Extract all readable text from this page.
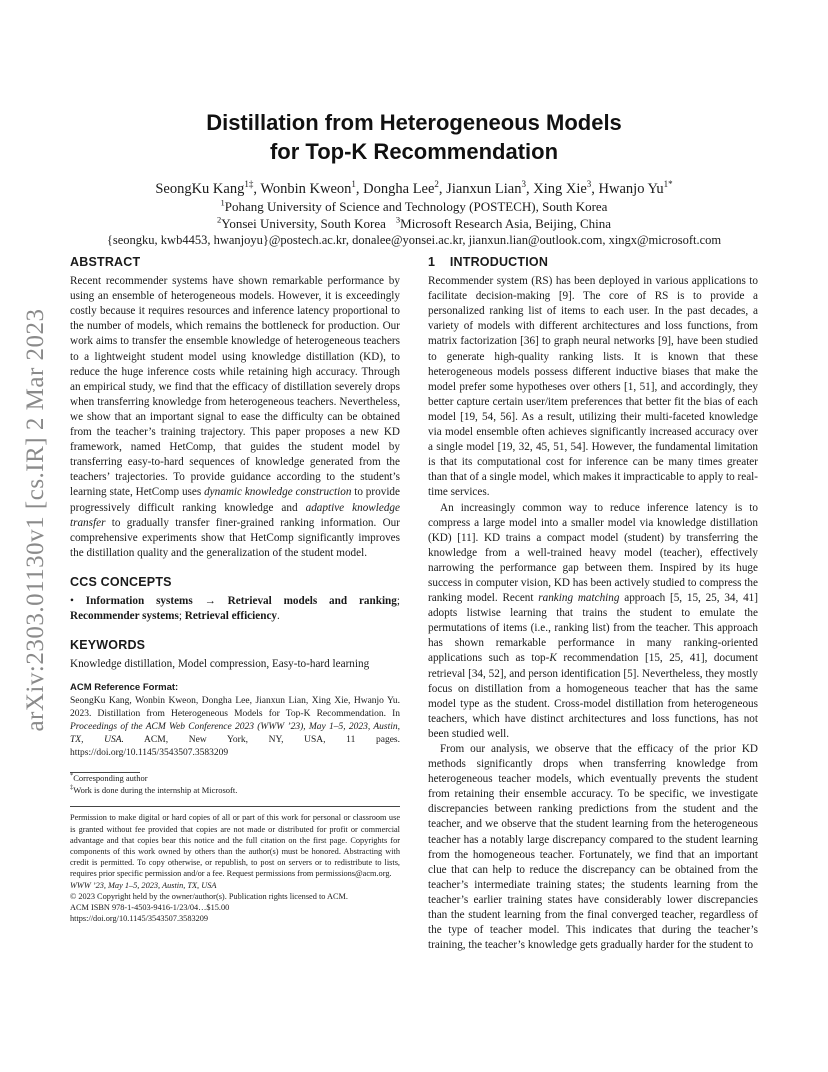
arXiv:2303.01130v1 [cs.IR] 2 Mar 2023
Distillation from Heterogeneous Models
for Top-K Recommendation
SeongKu Kang$^{1\ddagger}$, Wonbin Kweon$^1$, Dongha Lee$^2$, Jianxun Lian$^3$, Xing Xie$^3$, Hwanjo $Yu^{1*}$
$^1$Pohang University of Science and Technology (POSTECH), South Korea
$^2$Yonsei University, South Korea $^3$Microsoft Research Asia, Beijing, China
{seongku, kwb4453, hwanjoyu}@postech.ac.kr, donalee@yonsei.ac.kr, jianxun.lian@outlook.com, xingx@microsoft.com
ABSTRACT

Recent recommender systems have shown remarkable performance by using an ensemble of heterogeneous models. However, it is exceedingly costly because it requires resources and inference latency proportional to the number of models, which remains the bottleneck for production. Our work aims to transfer the ensemble knowledge of heterogeneous teachers to a lightweight student model using knowledge distillation (KD), to reduce the huge inference costs while retaining high accuracy. Through an empirical study, we find that the efficacy of distillation severely drops when transferring knowledge from heterogeneous teachers. Nevertheless, we show that an important signal to ease the difficulty can be obtained from the teacher’s training trajectory. This paper proposes a new KD framework, named HetComp, that guides the student model by transferring easy-to-hard sequences of knowledge generated from the teachers’ trajectories. To provide guidance according to the student’s learning state, HetComp uses dynamic knowledge construction to provide progressively difficult ranking knowledge and adaptive knowledge transfer to gradually transfer finer-grained ranking information. Our comprehensive experiments show that HetComp significantly improves the distillation quality and the generalization of the student model.

CCS CONCEPTS

• Information systems → Retrieval models and ranking; Recommender systems; Retrieval efficiency.

KEYWORDS

Knowledge distillation, Model compression, Easy-to-hard learning

ACM Reference Format:
SeongKu Kang, Wonbin Kweon, Dongha Lee, Jianxun Lian, Xing Xie, Hwanjo Yu. 2023. Distillation from Heterogeneous Models for Top-K Recommendation. In Proceedings of the ACM Web Conference 2023 (WWW ’23), May 1–5, 2023, Austin, TX, USA. ACM, New York, NY, USA, 11 pages. https://doi.org/10.1145/3543507.3583209
*Corresponding author
‡Work is done during the internship at Microsoft.
Permission to make digital or hard copies of all or part of this work for personal or classroom use is granted without fee provided that copies are not made or distributed for profit or commercial advantage and that copies bear this notice and the full citation on the first page. Copyrights for components of this work owned by others than the author(s) must be honored. Abstracting with credit is permitted. To copy otherwise, or republish, to post on servers or to redistribute to lists, requires prior specific permission and/or a fee. Request permissions from permissions@acm.org.
WWW ’23, May 1–5, 2023, Austin, TX, USA
© 2023 Copyright held by the owner/author(s). Publication rights licensed to ACM.
ACM ISBN 978-1-4503-9416-1/23/04…$15.00
https://doi.org/10.1145/3543507.3583209
1    INTRODUCTION

Recommender system (RS) has been deployed in various applications to facilitate decision-making [9]. The core of RS is to provide a personalized ranking list of items to each user. In the past decades, a variety of models with different architectures and loss functions, from matrix factorization [36] to graph neural networks [9], have been studied to generate high-quality ranking lists. It is known that these heterogeneous models possess different inductive biases that make the model prefer some hypotheses over others [1, 51], and accordingly, they better capture certain user/item preferences that better fit the bias of each model [19, 54, 56]. As a result, utilizing their multi-faceted knowledge via model ensemble often achieves significantly increased accuracy over a single model [19, 32, 45, 51, 54]. However, the fundamental limitation is that its computational cost for inference can be many times greater than that of a single model, which makes it impracticable to apply to real-time services.

An increasingly common way to reduce inference latency is to compress a large model into a smaller model via knowledge distillation (KD) [11]. KD trains a compact model (student) by transferring the knowledge from a well-trained heavy model (teacher), effectively narrowing the performance gap between them. Inspired by its huge success in computer vision, KD has been actively studied to compress the ranking model. Recent ranking matching approach [5, 15, 25, 34, 41] adopts listwise learning that trains the student to emulate the permutations of items (i.e., ranking list) from the teacher. This approach has shown remarkable performance in many ranking-oriented applications such as top-K recommendation [15, 25, 41], document retrieval [34, 52], and person identification [5]. Nevertheless, they mostly focus on distillation from a homogeneous teacher that has the same model type as the student. Cross-model distillation from heterogeneous teachers, which have distinct architectures and loss functions, has not been studied well.

From our analysis, we observe that the efficacy of the prior KD methods significantly drops when transferring knowledge from heterogeneous teacher models, which eventually prevents the student from retaining their ensemble accuracy. To be specific, we investigate discrepancies between ranking predictions from the student and the teacher, and we observe that the student learning from the heterogeneous teacher has a notably large discrepancy compared to the student learning from the homogeneous teacher. Fortunately, we find that an important clue that can help to reduce the discrepancy can be obtained from the teacher’s intermediate training states; the students learning from the teacher’s earlier training states have considerably lower discrepancies than the student learning from the final converged teacher, regardless of the type of teacher model. This indicates that during the teacher’s training, the teacher’s knowledge gets gradually harder for the student to
